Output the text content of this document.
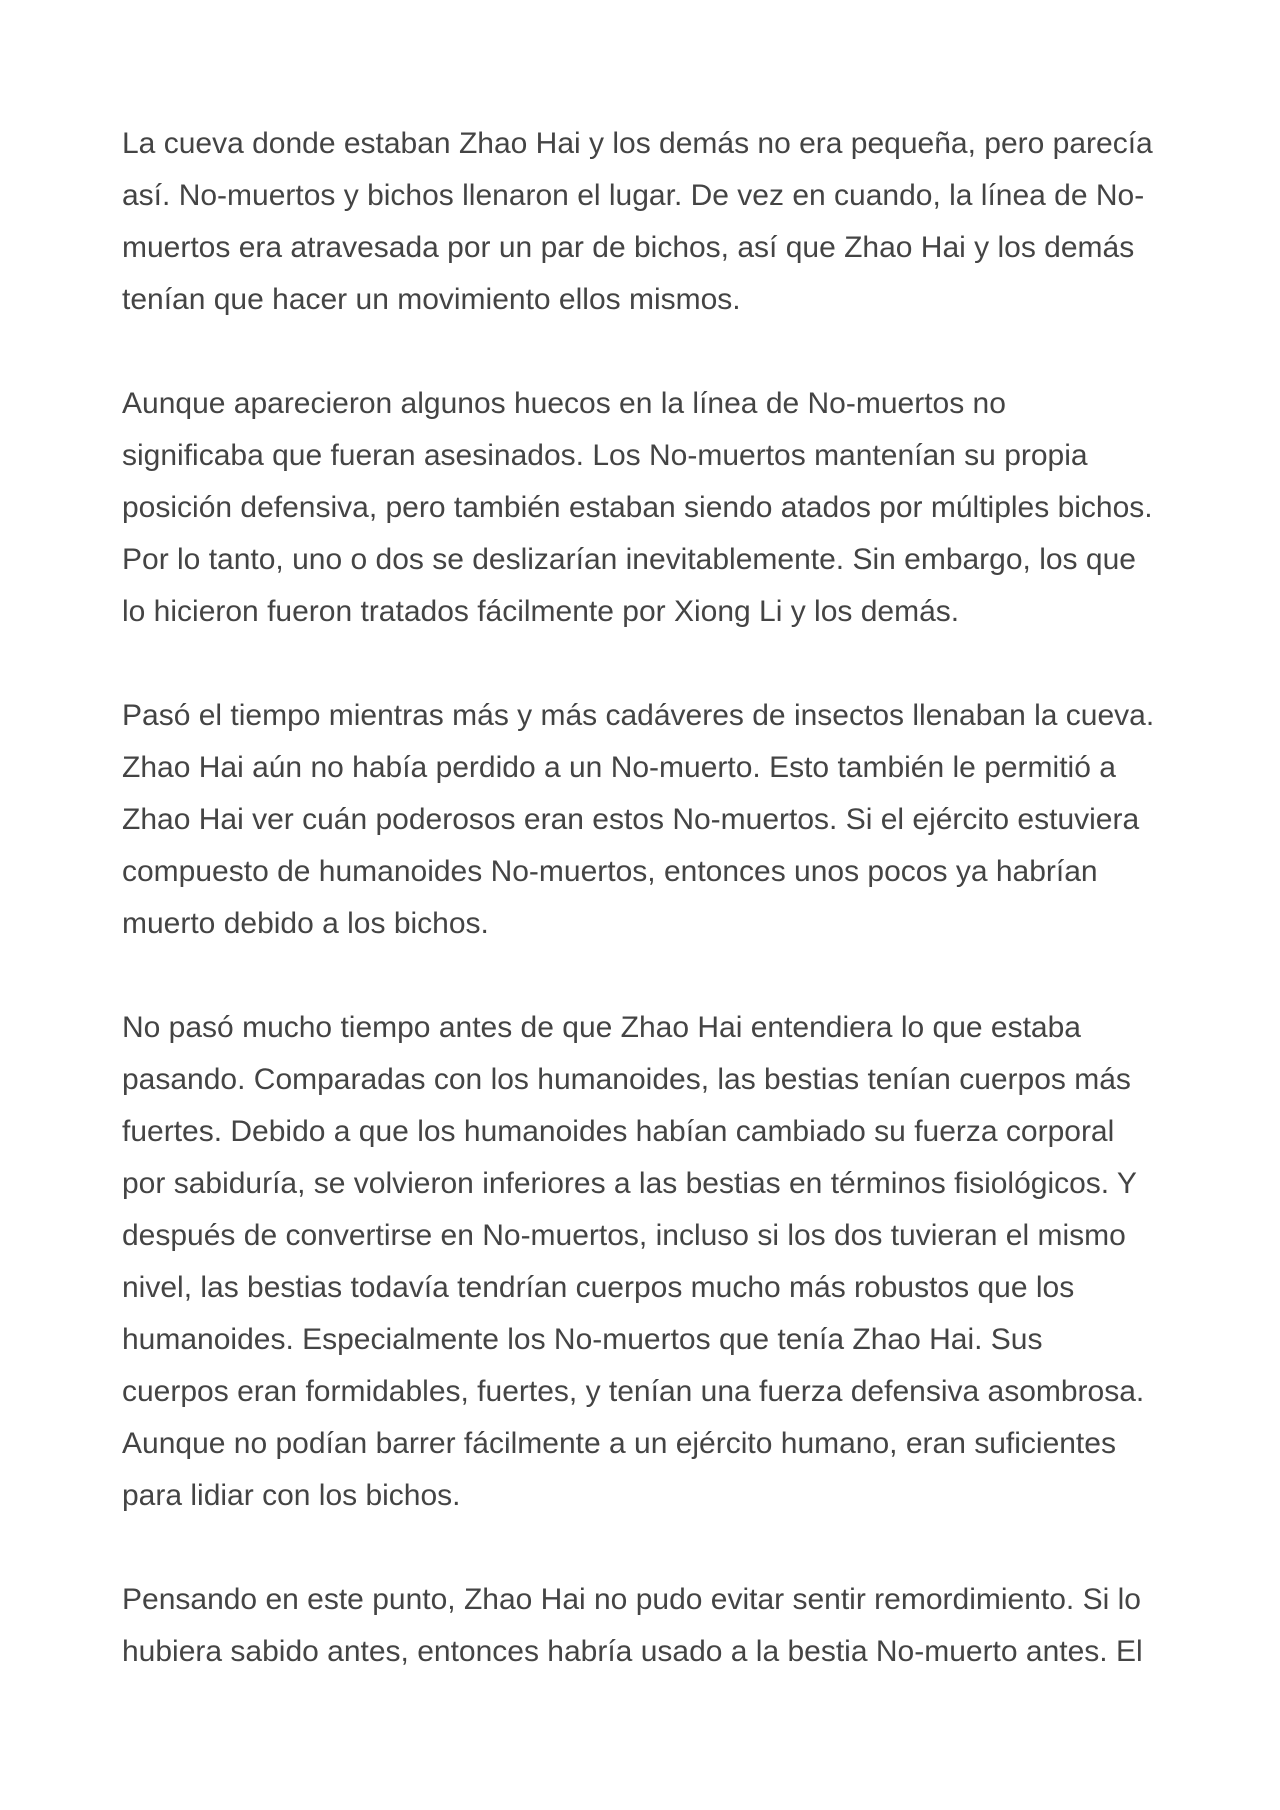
La cueva donde estaban Zhao Hai y los demás no era pequeña, pero parecía
así. No-muertos y bichos llenaron el lugar. De vez en cuando, la línea de No-
muertos era atravesada por un par de bichos, así que Zhao Hai y los demás
tenían que hacer un movimiento ellos mismos.

Aunque aparecieron algunos huecos en la línea de No-muertos no
significaba que fueran asesinados. Los No-muertos mantenían su propia
posición defensiva, pero también estaban siendo atados por múltiples bichos.
Por lo tanto, uno o dos se deslizarían inevitablemente. Sin embargo, los que
lo hicieron fueron tratados fácilmente por Xiong Li y los demás.

Pasó el tiempo mientras más y más cadáveres de insectos llenaban la cueva.
Zhao Hai aún no había perdido a un No-muerto. Esto también le permitió a
Zhao Hai ver cuán poderosos eran estos No-muertos. Si el ejército estuviera
compuesto de humanoides No-muertos, entonces unos pocos ya habrían
muerto debido a los bichos.

No pasó mucho tiempo antes de que Zhao Hai entendiera lo que estaba
pasando. Comparadas con los humanoides, las bestias tenían cuerpos más
fuertes. Debido a que los humanoides habían cambiado su fuerza corporal
por sabiduría, se volvieron inferiores a las bestias en términos fisiológicos. Y
después de convertirse en No-muertos, incluso si los dos tuvieran el mismo
nivel, las bestias todavía tendrían cuerpos mucho más robustos que los
humanoides. Especialmente los No-muertos que tenía Zhao Hai. Sus
cuerpos eran formidables, fuertes, y tenían una fuerza defensiva asombrosa.
Aunque no podían barrer fácilmente a un ejército humano, eran suficientes
para lidiar con los bichos.

Pensando en este punto, Zhao Hai no pudo evitar sentir remordimiento. Si lo
hubiera sabido antes, entonces habría usado a la bestia No-muerto antes. El
